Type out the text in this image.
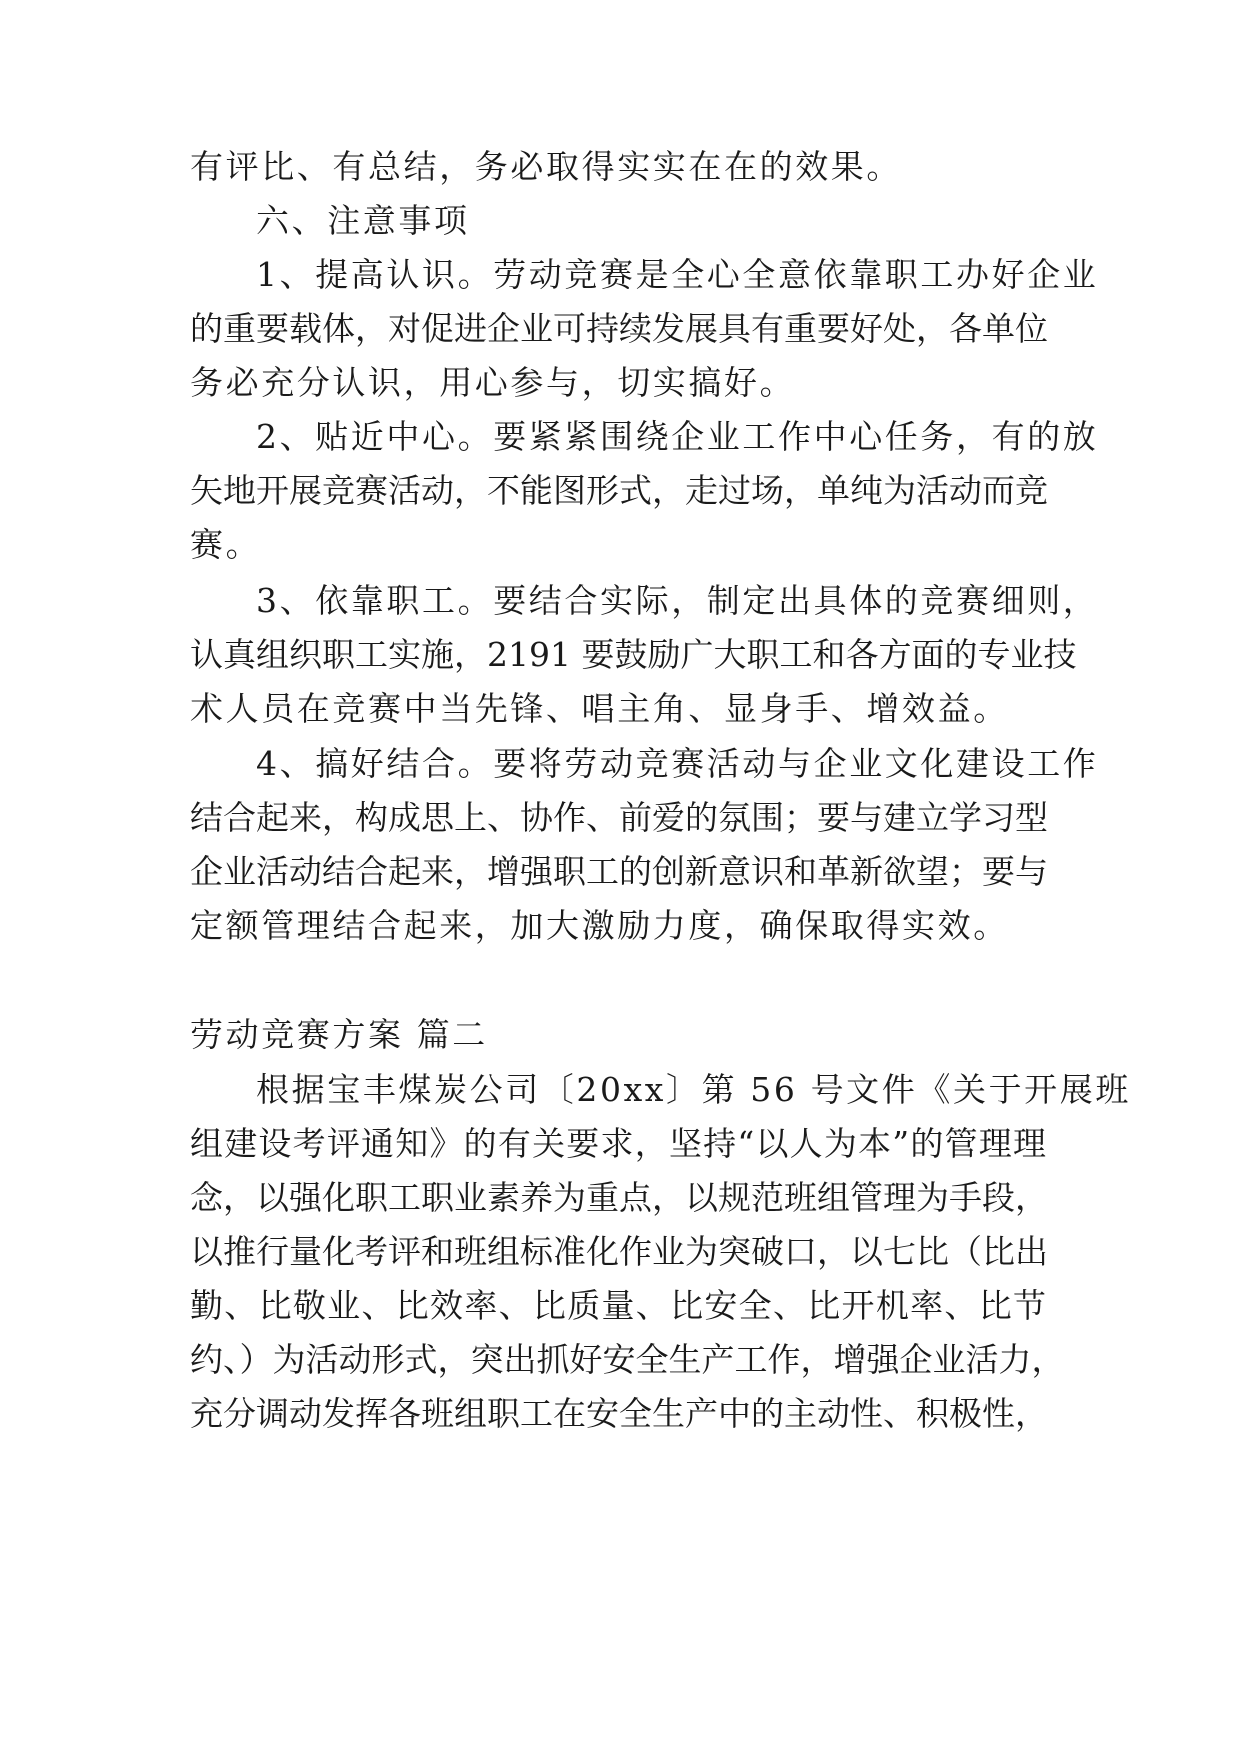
有评比、有总结，务必取得实实在在的效果。
六、注意事项
1、提高认识。劳动竞赛是全心全意依靠职工办好企业
的重要载体，对促进企业可持续发展具有重要好处，各单位
务必充分认识，用心参与，切实搞好。
2、贴近中心。要紧紧围绕企业工作中心任务，有的放
矢地开展竞赛活动，不能图形式，走过场，单纯为活动而竞
赛。
3、依靠职工。要结合实际，制定出具体的竞赛细则，
认真组织职工实施，2191 要鼓励广大职工和各方面的专业技
术人员在竞赛中当先锋、唱主角、显身手、增效益。
4、搞好结合。要将劳动竞赛活动与企业文化建设工作
结合起来，构成思上、协作、前爱的氛围；要与建立学习型
企业活动结合起来，增强职工的创新意识和革新欲望；要与
定额管理结合起来，加大激励力度，确保取得实效。
劳动竞赛方案 篇二
根据宝丰煤炭公司〔20xx〕第 56 号文件《关于开展班
组建设考评通知》的有关要求，坚持“以人为本”的管理理
念，以强化职工职业素养为重点，以规范班组管理为手段，
以推行量化考评和班组标准化作业为突破口，以七比（比出
勤、比敬业、比效率、比质量、比安全、比开机率、比节
约、）为活动形式，突出抓好安全生产工作，增强企业活力，
充分调动发挥各班组职工在安全生产中的主动性、积极性，
